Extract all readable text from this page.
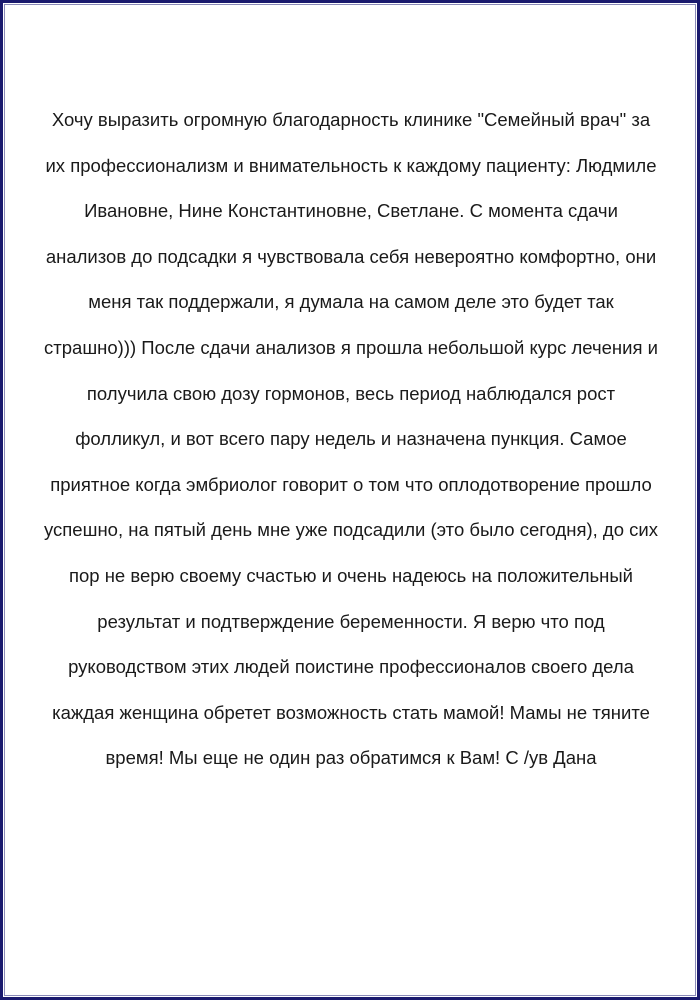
Хочу выразить огромную благодарность клинике "Семейный врач" за
их профессионализм и внимательность к каждому пациенту: Людмиле
Ивановне, Нине Константиновне, Светлане. С момента сдачи
анализов до подсадки я чувствовала себя невероятно комфортно, они
меня так поддержали, я думала на самом деле это будет так
страшно))) После сдачи анализов я прошла небольшой курс лечения и
получила свою дозу гормонов, весь период наблюдался рост
фолликул, и вот всего пару недель и назначена пункция. Самое
приятное когда эмбриолог говорит о том что оплодотворение прошло
успешно, на пятый день мне уже подсадили (это было сегодня), до сих
пор не верю своему счастью и очень надеюсь на положительный
результат и подтверждение беременности. Я верю что под
руководством этих людей поистине профессионалов своего дела
каждая женщина обретет возможность стать мамой! Мамы не тяните
время! Мы еще не один раз обратимся к Вам! С /ув Дана
